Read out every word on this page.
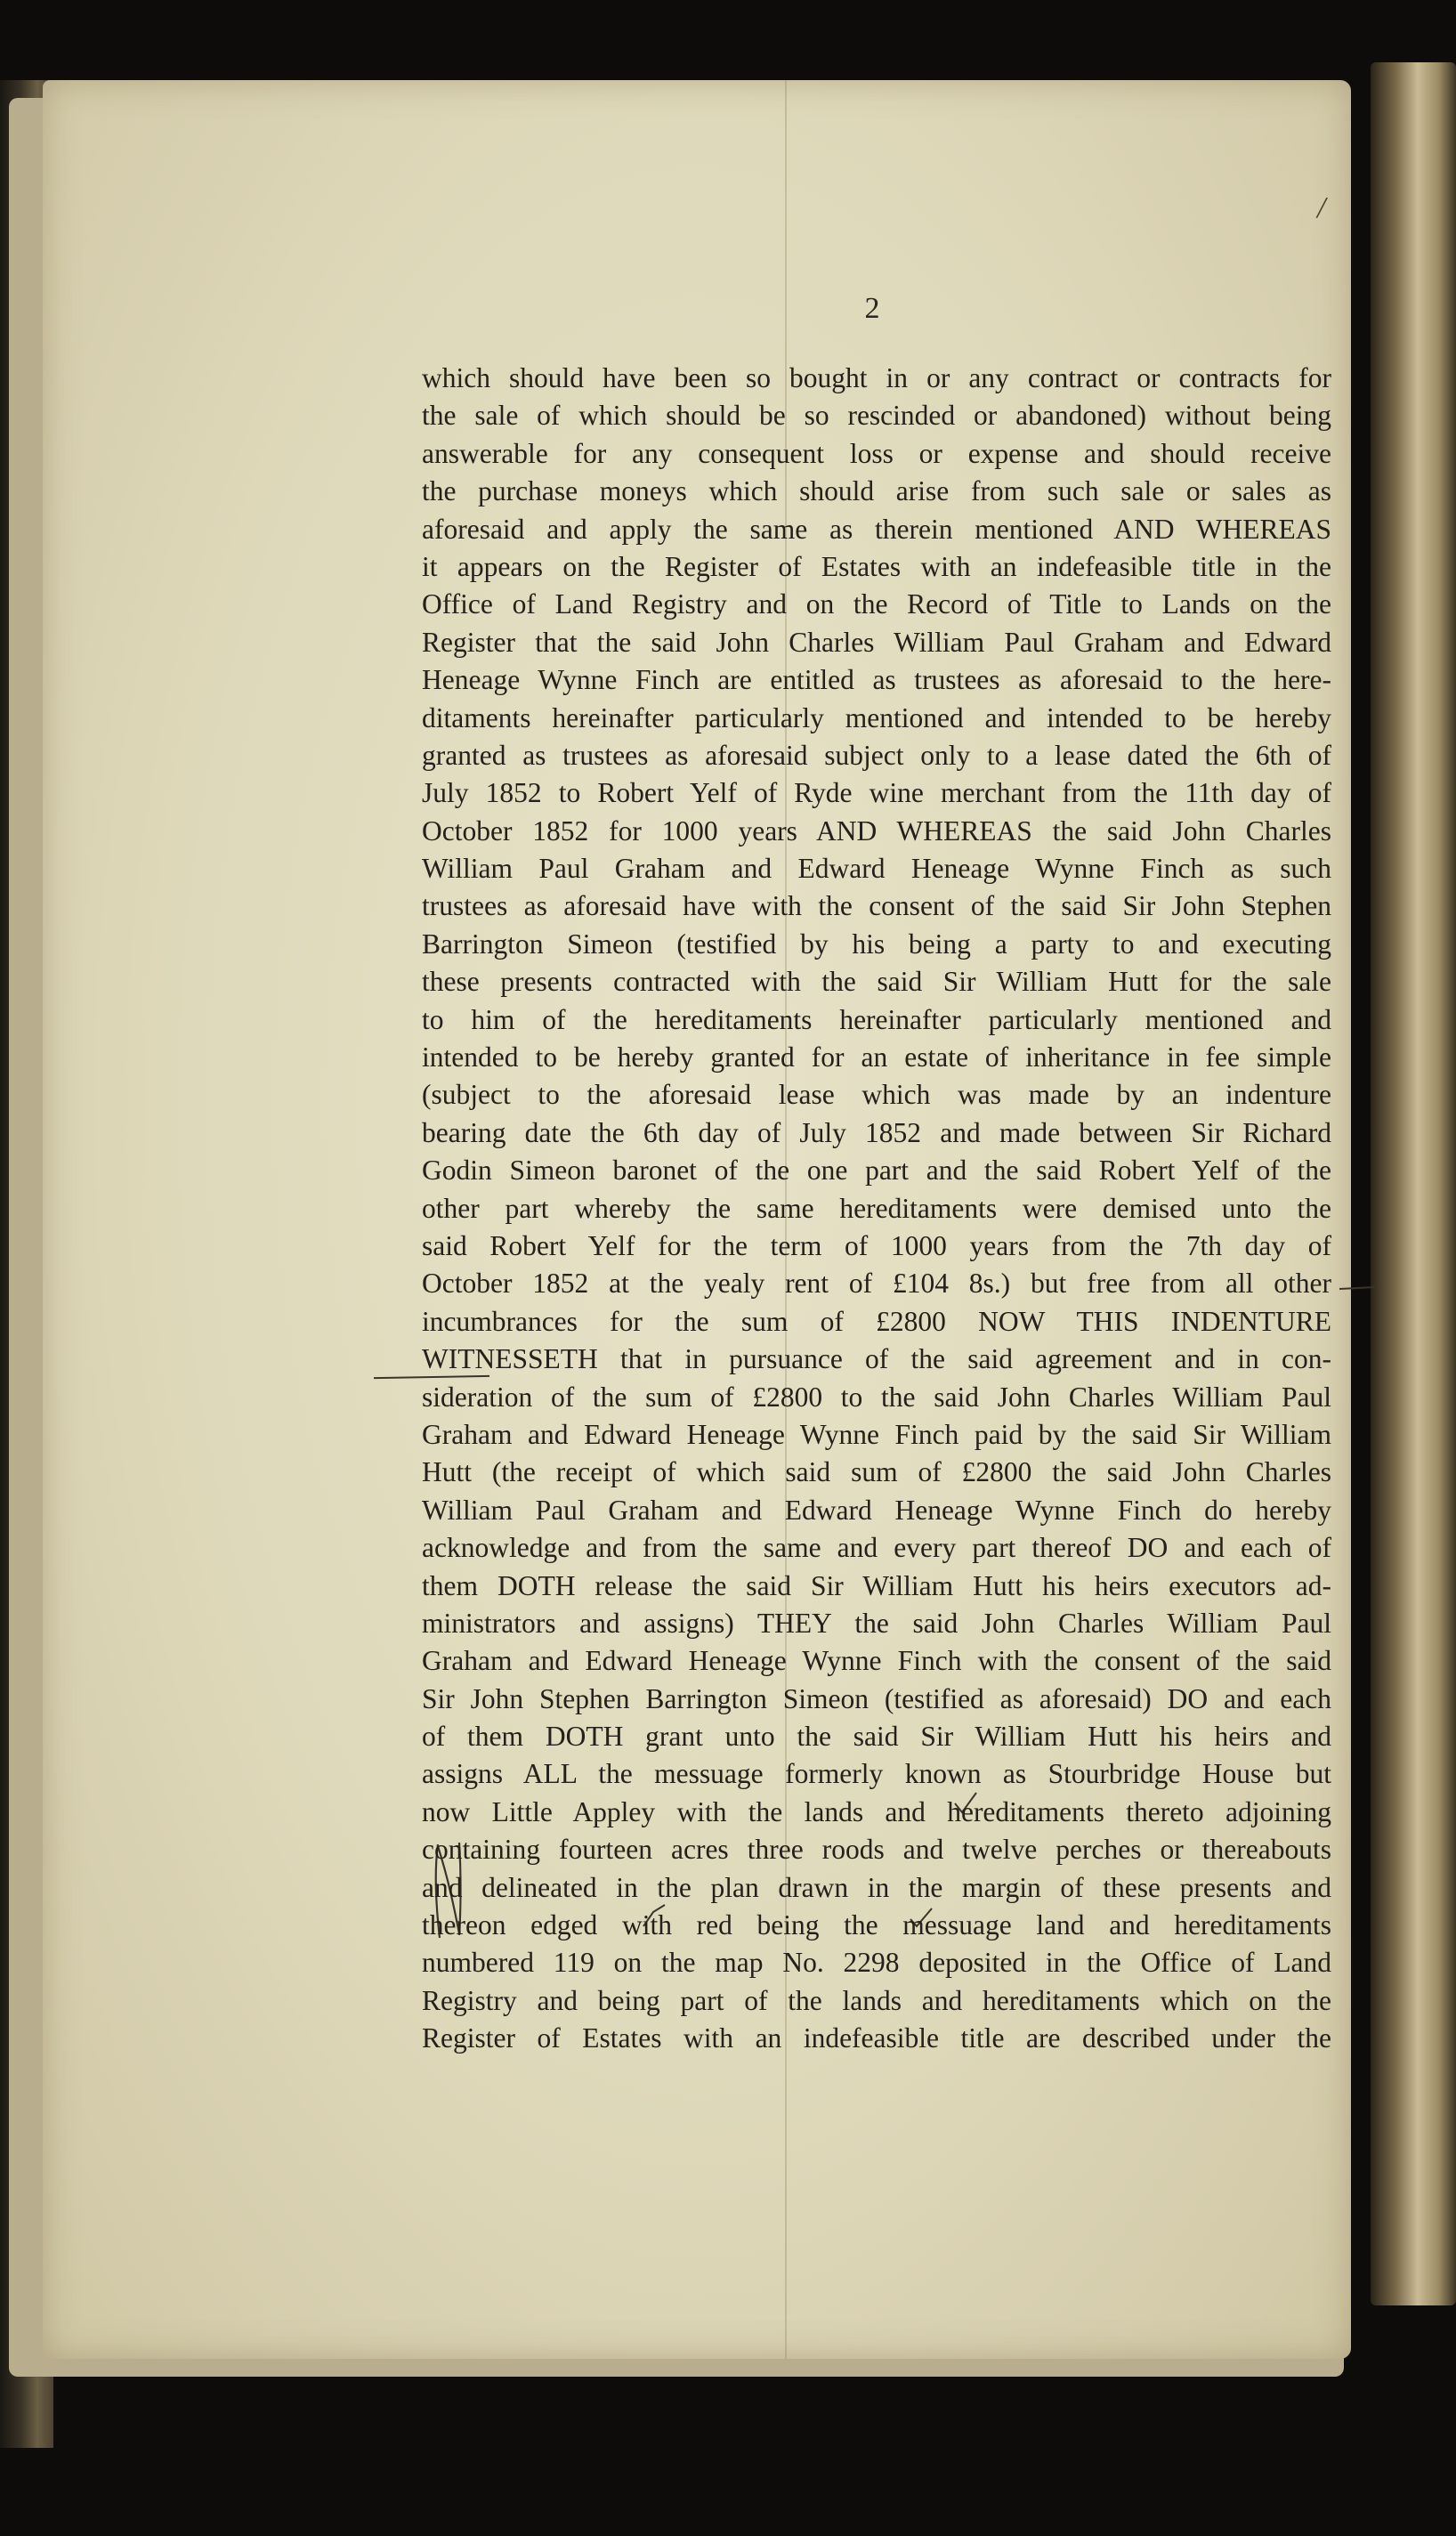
/
2
which should have been so bought in or any contract or contracts for
the sale of which should be so rescinded or abandoned) without being
answerable for any consequent loss or expense and should receive
the purchase moneys which should arise from such sale or sales as
aforesaid and apply the same as therein mentioned AND WHEREAS
it appears on the Register of Estates with an indefeasible title in the
Office of Land Registry and on the Record of Title to Lands on the
Register that the said John Charles William Paul Graham and Edward
Heneage Wynne Finch are entitled as trustees as aforesaid to the here-
ditaments hereinafter particularly mentioned and intended to be hereby
granted as trustees as aforesaid subject only to a lease dated the 6th of
July 1852 to Robert Yelf of Ryde wine merchant from the 11th day of
October 1852 for 1000 years AND WHEREAS the said John Charles
William Paul Graham and Edward Heneage Wynne Finch as such
trustees as aforesaid have with the consent of the said Sir John Stephen
Barrington Simeon (testified by his being a party to and executing
these presents contracted with the said Sir William Hutt for the sale
to him of the hereditaments hereinafter particularly mentioned and
intended to be hereby granted for an estate of inheritance in fee simple
(subject to the aforesaid lease which was made by an indenture
bearing date the 6th day of July 1852 and made between Sir Richard
Godin Simeon baronet of the one part and the said Robert Yelf of the
other part whereby the same hereditaments were demised unto the
said Robert Yelf for the term of 1000 years from the 7th day of
October 1852 at the yealy rent of £104 8s.) but free from all other
incumbrances for the sum of £2800 NOW THIS INDENTURE
WITNESSETH that in pursuance of the said agreement and in con-
sideration of the sum of £2800 to the said John Charles William Paul
Graham and Edward Heneage Wynne Finch paid by the said Sir William
Hutt (the receipt of which said sum of £2800 the said John Charles
William Paul Graham and Edward Heneage Wynne Finch do hereby
acknowledge and from the same and every part thereof DO and each of
them DOTH release the said Sir William Hutt his heirs executors ad-
ministrators and assigns) THEY the said John Charles William Paul
Graham and Edward Heneage Wynne Finch with the consent of the said
Sir John Stephen Barrington Simeon (testified as aforesaid) DO and each
of them DOTH grant unto the said Sir William Hutt his heirs and
assigns ALL the messuage formerly known as Stourbridge House but
now Little Appley with the lands and hereditaments thereto adjoining
containing fourteen acres three roods and twelve perches or thereabouts
and delineated in the plan drawn in the margin of these presents and
thereon edged with red being the messuage land and hereditaments
numbered 119 on the map No. 2298 deposited in the Office of Land
Registry and being part of the lands and hereditaments which on the
Register of Estates with an indefeasible title are described under the
